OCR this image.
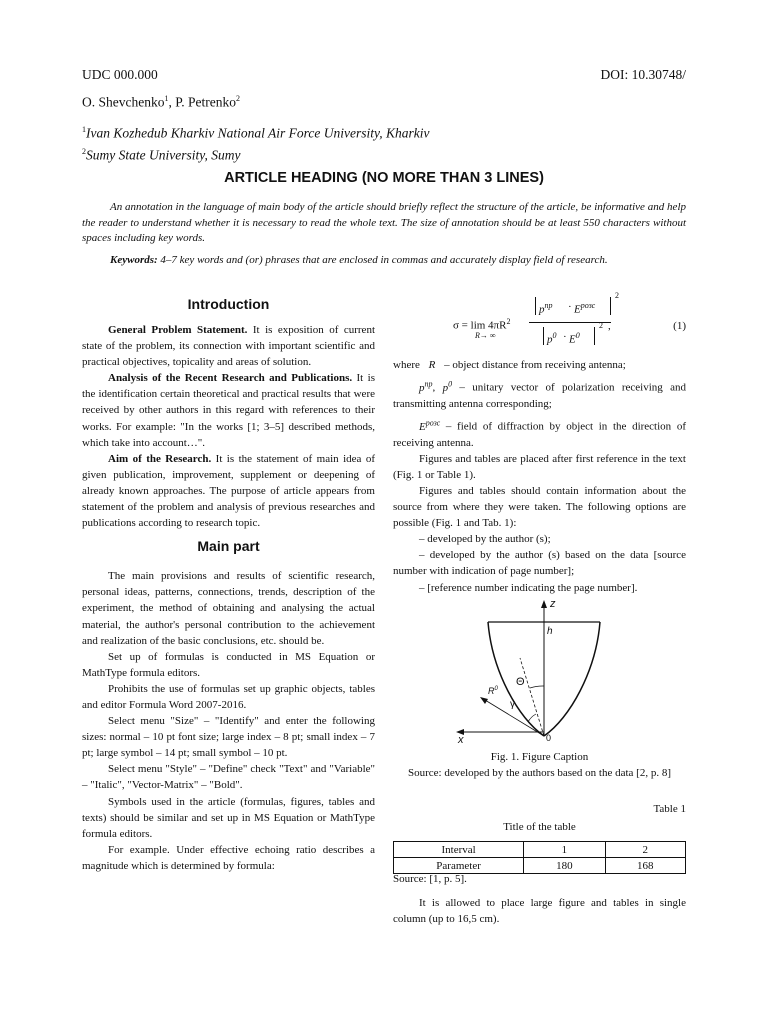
UDC 000.000	DOI: 10.30748/
O. Shevchenko$^1$, P. Petrenko$^2$
$^1$Ivan Kozhedub Kharkiv National Air Force University, Kharkiv
$^2$Sumy State University, Sumy
ARTICLE HEADING (NO MORE THAN 3 LINES)
An annotation in the language of main body of the article should briefly reflect the structure of the article, be informative and help the reader to understand whether it is necessary to read the whole text. The size of annotation should be at least 550 characters without spaces including key words.
Keywords: 4–7 key words and (or) phrases that are enclosed in commas and accurately display field of research.
Introduction

General Problem Statement. It is exposition of current state of the problem, its connection with important scientific and practical objectives, topicality and areas of solution.

Analysis of the Recent Research and Publications. It is the identification certain theoretical and practical results that were received by other authors in this regard with references to their works. For example: "In the works [1; 3–5] described methods, which take into account…".

Aim of the Research. It is the statement of main idea of given publication, improvement, supplement or deepening of already known approaches. The purpose of article appears from statement of the problem and analysis of previous researches and publications according to research topic.

Main part

The main provisions and results of scientific research, personal ideas, patterns, connections, trends, description of the experiment, the method of obtaining and analysing the actual material, the author's personal contribution to the achievement and realization of the basic conclusions, etc. should be.

Set up of formulas is conducted in MS Equation or MathType formula editors.

Prohibits the use of formulas set up graphic objects, tables and editor Formula Word 2007-2016.

Select menu "Size" – "Identify" and enter the following sizes: normal – 10 pt font size; large index – 8 pt; small index – 7 pt; large symbol – 14 pt; small symbol – 10 pt.

Select menu "Style" – "Define" check "Text" and "Variable" – "Italic", "Vector-Matrix" – "Bold".

Symbols used in the article (formulas, figures, tables and texts) should be similar and set up in MS Equation or MathType formula editors.

For example. Under effective echoing ratio describes a magnitude which is determined by formula:

$\sigma = \lim 4\pi R^2$
R→ ∞
$p^{пр} \cdot E^{розс}$
2
$p^0 \cdot E^0$
2 ,	(1)

where R – object distance from receiving antenna;

$p^{пр}$, $p^0$ – unitary vector of polarization receiving and transmitting antenna corresponding;

$E^{розс}$ – field of diffraction by object in the direction of receiving antenna.

Figures and tables are placed after first reference in the text (Fig. 1 or Table 1).

Figures and tables should contain information about the source from where they were taken. The following options are possible (Fig. 1 and Tab. 1):

– developed by the author (s);

– developed by the author (s) based on the data [source number with indication of page number];

– [reference number indicating the page number].

z
h
Θ
$R^0$
γ
0
x
Fig. 1. Figure Caption
Source: developed by the authors based on the data [2, p. 8]
Table 1
Title of the table
Interval	1	2
Parameter	180	168
Source: [1, p. 5].

It is allowed to place large figure and tables in single column (up to 16,5 cm).
